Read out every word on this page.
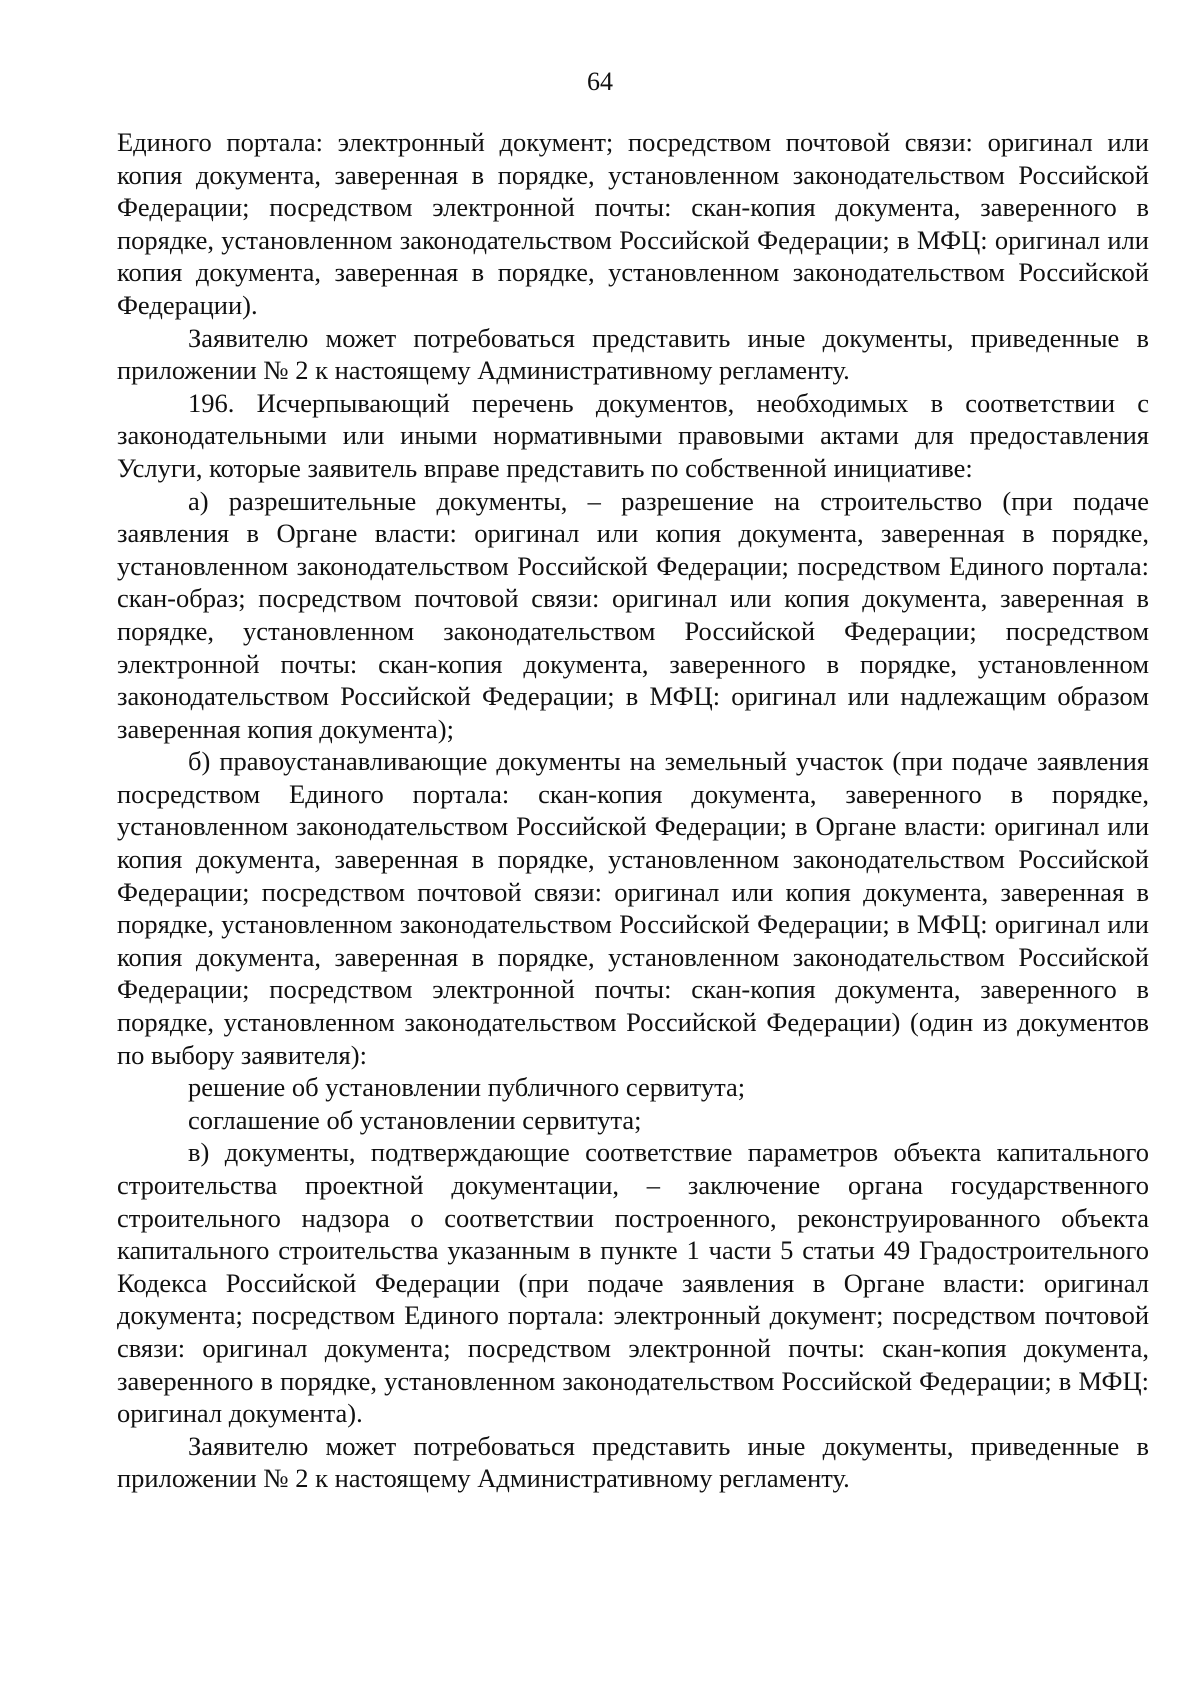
64

Единого портала: электронный документ; посредством почтовой связи: оригинал или копия документа, заверенная в порядке, установленном законодательством Российской Федерации; посредством электронной почты: скан-копия документа, заверенного в порядке, установленном законодательством Российской Федерации; в МФЦ: оригинал или копия документа, заверенная в порядке, установленном законодательством Российской Федерации).

Заявителю может потребоваться представить иные документы, приведенные в приложении № 2 к настоящему Административному регламенту.

196. Исчерпывающий перечень документов, необходимых в соответствии с законодательными или иными нормативными правовыми актами для предоставления Услуги, которые заявитель вправе представить по собственной инициативе:

а) разрешительные документы, – разрешение на строительство (при подаче заявления в Органе власти: оригинал или копия документа, заверенная в порядке, установленном законодательством Российской Федерации; посредством Единого портала: скан-образ; посредством почтовой связи: оригинал или копия документа, заверенная в порядке, установленном законодательством Российской Федерации; посредством электронной почты: скан-копия документа, заверенного в порядке, установленном законодательством Российской Федерации; в МФЦ: оригинал или надлежащим образом заверенная копия документа);

б) правоустанавливающие документы на земельный участок (при подаче заявления посредством Единого портала: скан-копия документа, заверенного в порядке, установленном законодательством Российской Федерации; в Органе власти: оригинал или копия документа, заверенная в порядке, установленном законодательством Российской Федерации; посредством почтовой связи: оригинал или копия документа, заверенная в порядке, установленном законодательством Российской Федерации; в МФЦ: оригинал или копия документа, заверенная в порядке, установленном законодательством Российской Федерации; посредством электронной почты: скан-копия документа, заверенного в порядке, установленном законодательством Российской Федерации) (один из документов по выбору заявителя):

решение об установлении публичного сервитута;

соглашение об установлении сервитута;

в) документы, подтверждающие соответствие параметров объекта капитального строительства проектной документации, – заключение органа государственного строительного надзора о соответствии построенного, реконструированного объекта капитального строительства указанным в пункте 1 части 5 статьи 49 Градостроительного Кодекса Российской Федерации (при подаче заявления в Органе власти: оригинал документа; посредством Единого портала: электронный документ; посредством почтовой связи: оригинал документа; посредством электронной почты: скан-копия документа, заверенного в порядке, установленном законодательством Российской Федерации; в МФЦ: оригинал документа).

Заявителю может потребоваться представить иные документы, приведенные в приложении № 2 к настоящему Административному регламенту.
